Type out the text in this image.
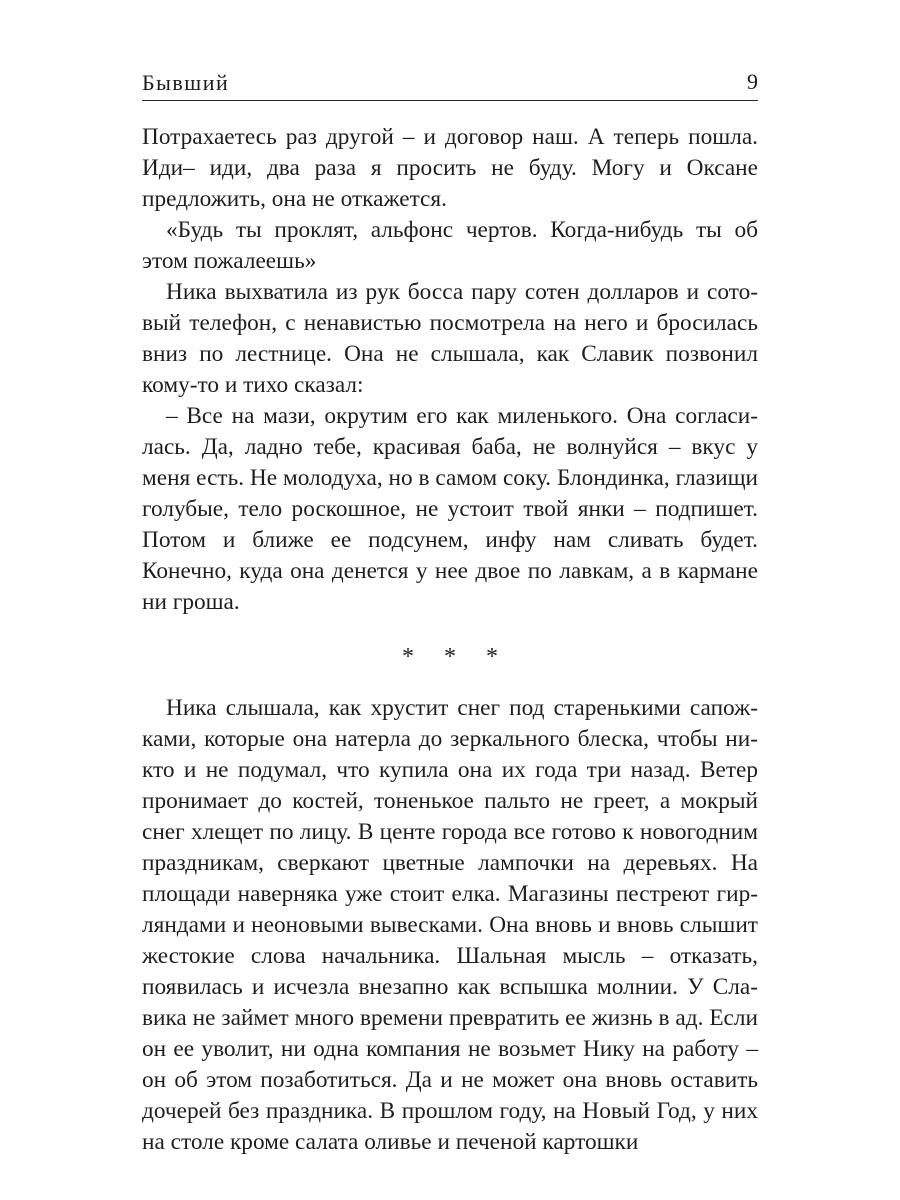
Бывший	9

Потрахаетесь раз другой – и договор наш. А теперь пошла. Иди– иди, два раза я просить не буду. Могу и Оксане предложить, она не откажется.

«Будь ты проклят, альфонс чертов. Когда-нибудь ты об этом пожалеешь»

Ника выхватила из рук босса пару сотен долларов и сотовый телефон, с ненавистью посмотрела на него и бросилась вниз по лестнице. Она не слышала, как Славик позвонил кому-то и тихо сказал:

– Все на мази, окрутим его как миленького. Она согласилась. Да, ладно тебе, красивая баба, не волнуйся – вкус у меня есть. Не молодуха, но в самом соку. Блондинка, глазищи голубые, тело роскошное, не устоит твой янки – подпишет. Потом и ближе ее подсунем, инфу нам сливать будет. Конечно, куда она денется у нее двое по лавкам, а в кармане ни гроша.

* * *

Ника слышала, как хрустит снег под старенькими сапожками, которые она натерла до зеркального блеска, чтобы никто и не подумал, что купила она их года три назад. Ветер пронимает до костей, тоненькое пальто не греет, а мокрый снег хлещет по лицу. В центе города все готово к новогодним праздникам, сверкают цветные лампочки на деревьях. На площади наверняка уже стоит елка. Магазины пестреют гирляндами и неоновыми вывесками. Она вновь и вновь слышит жестокие слова начальника. Шальная мысль – отказать, появилась и исчезла внезапно как вспышка молнии. У Славика не займет много времени превратить ее жизнь в ад. Если он ее уволит, ни одна компания не возьмет Нику на работу – он об этом позаботиться. Да и не может она вновь оставить дочерей без праздника. В прошлом году, на Новый Год, у них на столе кроме салата оливье и печеной картошки
